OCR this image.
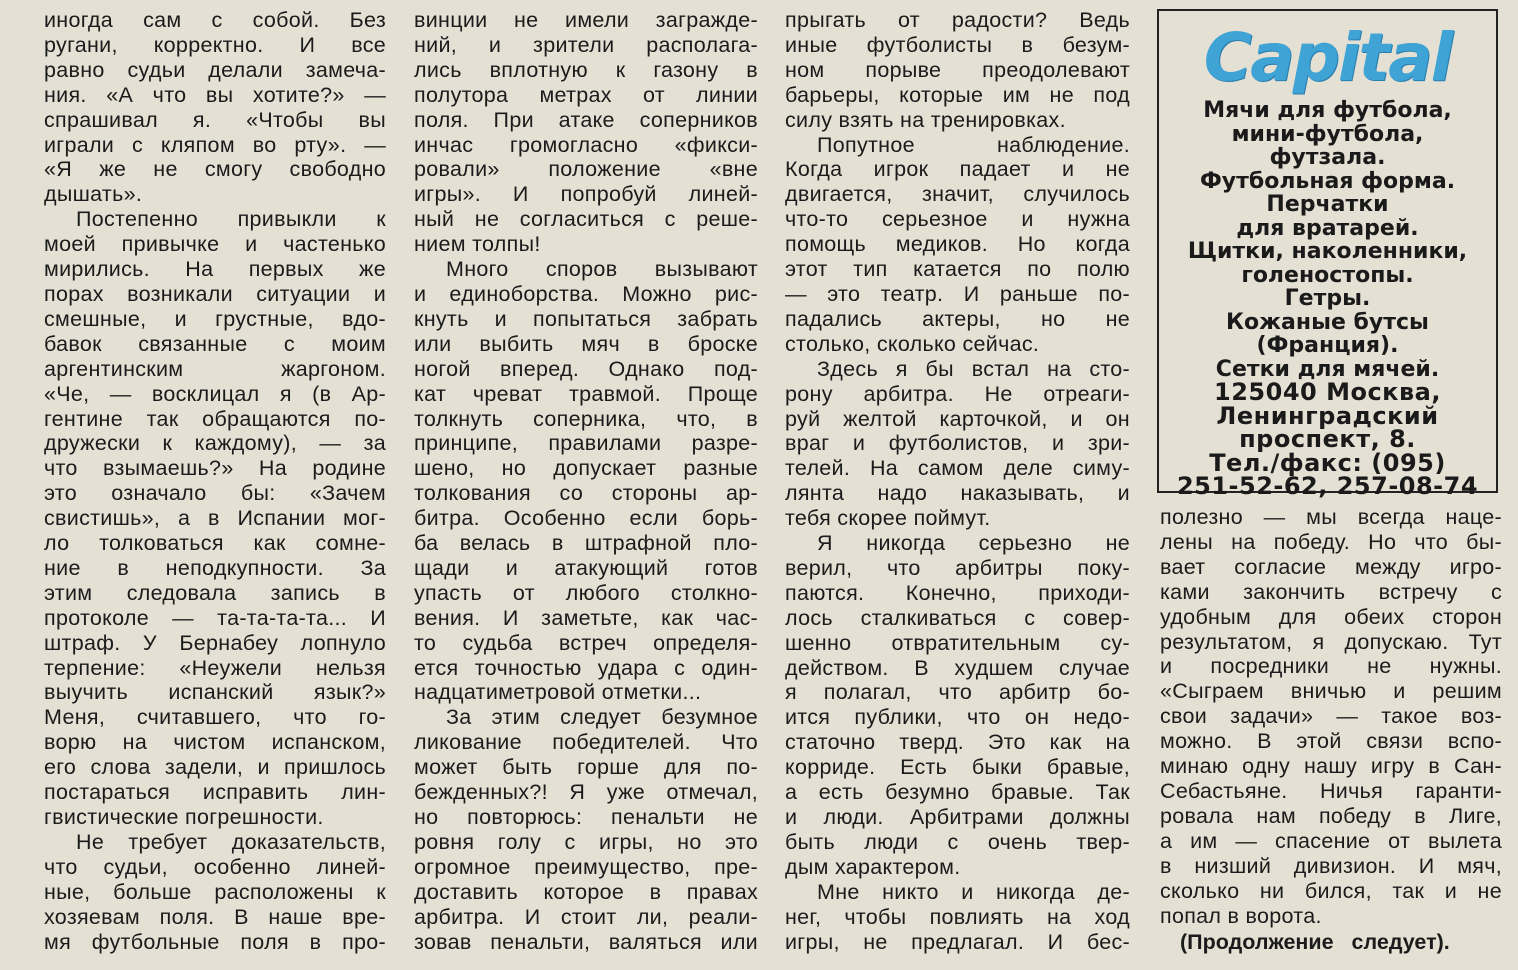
иногда сам с собой. Без
ругани, корректно. И все
равно судьи делали замеча-
ния. «А что вы хотите?» —
спрашивал я. «Чтобы вы
играли с кляпом во рту». —
«Я же не смогу свободно
дышать».
Постепенно привыкли к
моей привычке и частенько
мирились. На первых же
порах возникали ситуации и
смешные, и грустные, вдо-
бавок связанные с моим
аргентинским жаргоном.
«Че, — восклицал я (в Ар-
гентине так обращаются по-
дружески к каждому), — за
что взымаешь?» На родине
это означало бы: «Зачем
свистишь», а в Испании мог-
ло толковаться как сомне-
ние в неподкупности. За
этим следовала запись в
протоколе — та-та-та-та... И
штраф. У Бернабеу лопнуло
терпение: «Неужели нельзя
выучить испанский язык?»
Меня, считавшего, что го-
ворю на чистом испанском,
его слова задели, и пришлось
постараться исправить лин-
гвистические погрешности.
Не требует доказательств,
что судьи, особенно линей-
ные, больше расположены к
хозяевам поля. В наше вре-
мя футбольные поля в про-
винции не имели загражде-
ний, и зрители располага-
лись вплотную к газону в
полутора метрах от линии
поля. При атаке соперников
инчас громогласно «фикси-
ровали» положение «вне
игры». И попробуй линей-
ный не согласиться с реше-
нием толпы!
Много споров вызывают
и единоборства. Можно рис-
кнуть и попытаться забрать
или выбить мяч в броске
ногой вперед. Однако под-
кат чреват травмой. Проще
толкнуть соперника, что, в
принципе, правилами разре-
шено, но допускает разные
толкования со стороны ар-
битра. Особенно если борь-
ба велась в штрафной пло-
щади и атакующий готов
упасть от любого столкно-
вения. И заметьте, как час-
то судьба встреч определя-
ется точностью удара с один-
надцатиметровой отметки...
За этим следует безумное
ликование победителей. Что
может быть горше для по-
бежденных?! Я уже отмечал,
но повторюсь: пенальти не
ровня голу с игры, но это
огромное преимущество, пре-
доставить которое в правах
арбитра. И стоит ли, реали-
зовав пенальти, валяться или
прыгать от радости? Ведь
иные футболисты в безум-
ном порыве преодолевают
барьеры, которые им не под
силу взять на тренировках.
Попутное наблюдение.
Когда игрок падает и не
двигается, значит, случилось
что-то серьезное и нужна
помощь медиков. Но когда
этот тип катается по полю
— это театр. И раньше по-
падались актеры, но не
столько, сколько сейчас.
Здесь я бы встал на сто-
рону арбитра. Не отреаги-
руй желтой карточкой, и он
враг и футболистов, и зри-
телей. На самом деле симу-
лянта надо наказывать, и
тебя скорее поймут.
Я никогда серьезно не
верил, что арбитры поку-
паются. Конечно, приходи-
лось сталкиваться с совер-
шенно отвратительным су-
действом. В худшем случае
я полагал, что арбитр бо-
ится публики, что он недо-
статочно тверд. Это как на
корриде. Есть быки бравые,
а есть безумно бравые. Так
и люди. Арбитрами должны
быть люди с очень твер-
дым характером.
Мне никто и никогда де-
нег, чтобы повлиять на ход
игры, не предлагал. И бес-
Capital
Мячи для футбола,
мини-футбола,
футзала.
Футбольная форма.
Перчатки
для вратарей.
Щитки, наколенники,
голеностопы.
Гетры.
Кожаные бутсы
(Франция).
Сетки для мячей.
125040 Москва,
Ленинградский
проспект, 8.
Тел./факс: (095)
251-52-62, 257-08-74
полезно — мы всегда наце-
лены на победу. Но что бы-
вает согласие между игро-
ками закончить встречу с
удобным для обеих сторон
результатом, я допускаю. Тут
и посредники не нужны.
«Сыграем вничью и решим
свои задачи» — такое воз-
можно. В этой связи вспо-
минаю одну нашу игру в Сан-
Себастьяне. Ничья гаранти-
ровала нам победу в Лиге,
а им — спасение от вылета
в низший дивизион. И мяч,
сколько ни бился, так и не
попал в ворота.
(Продолжение следует).
